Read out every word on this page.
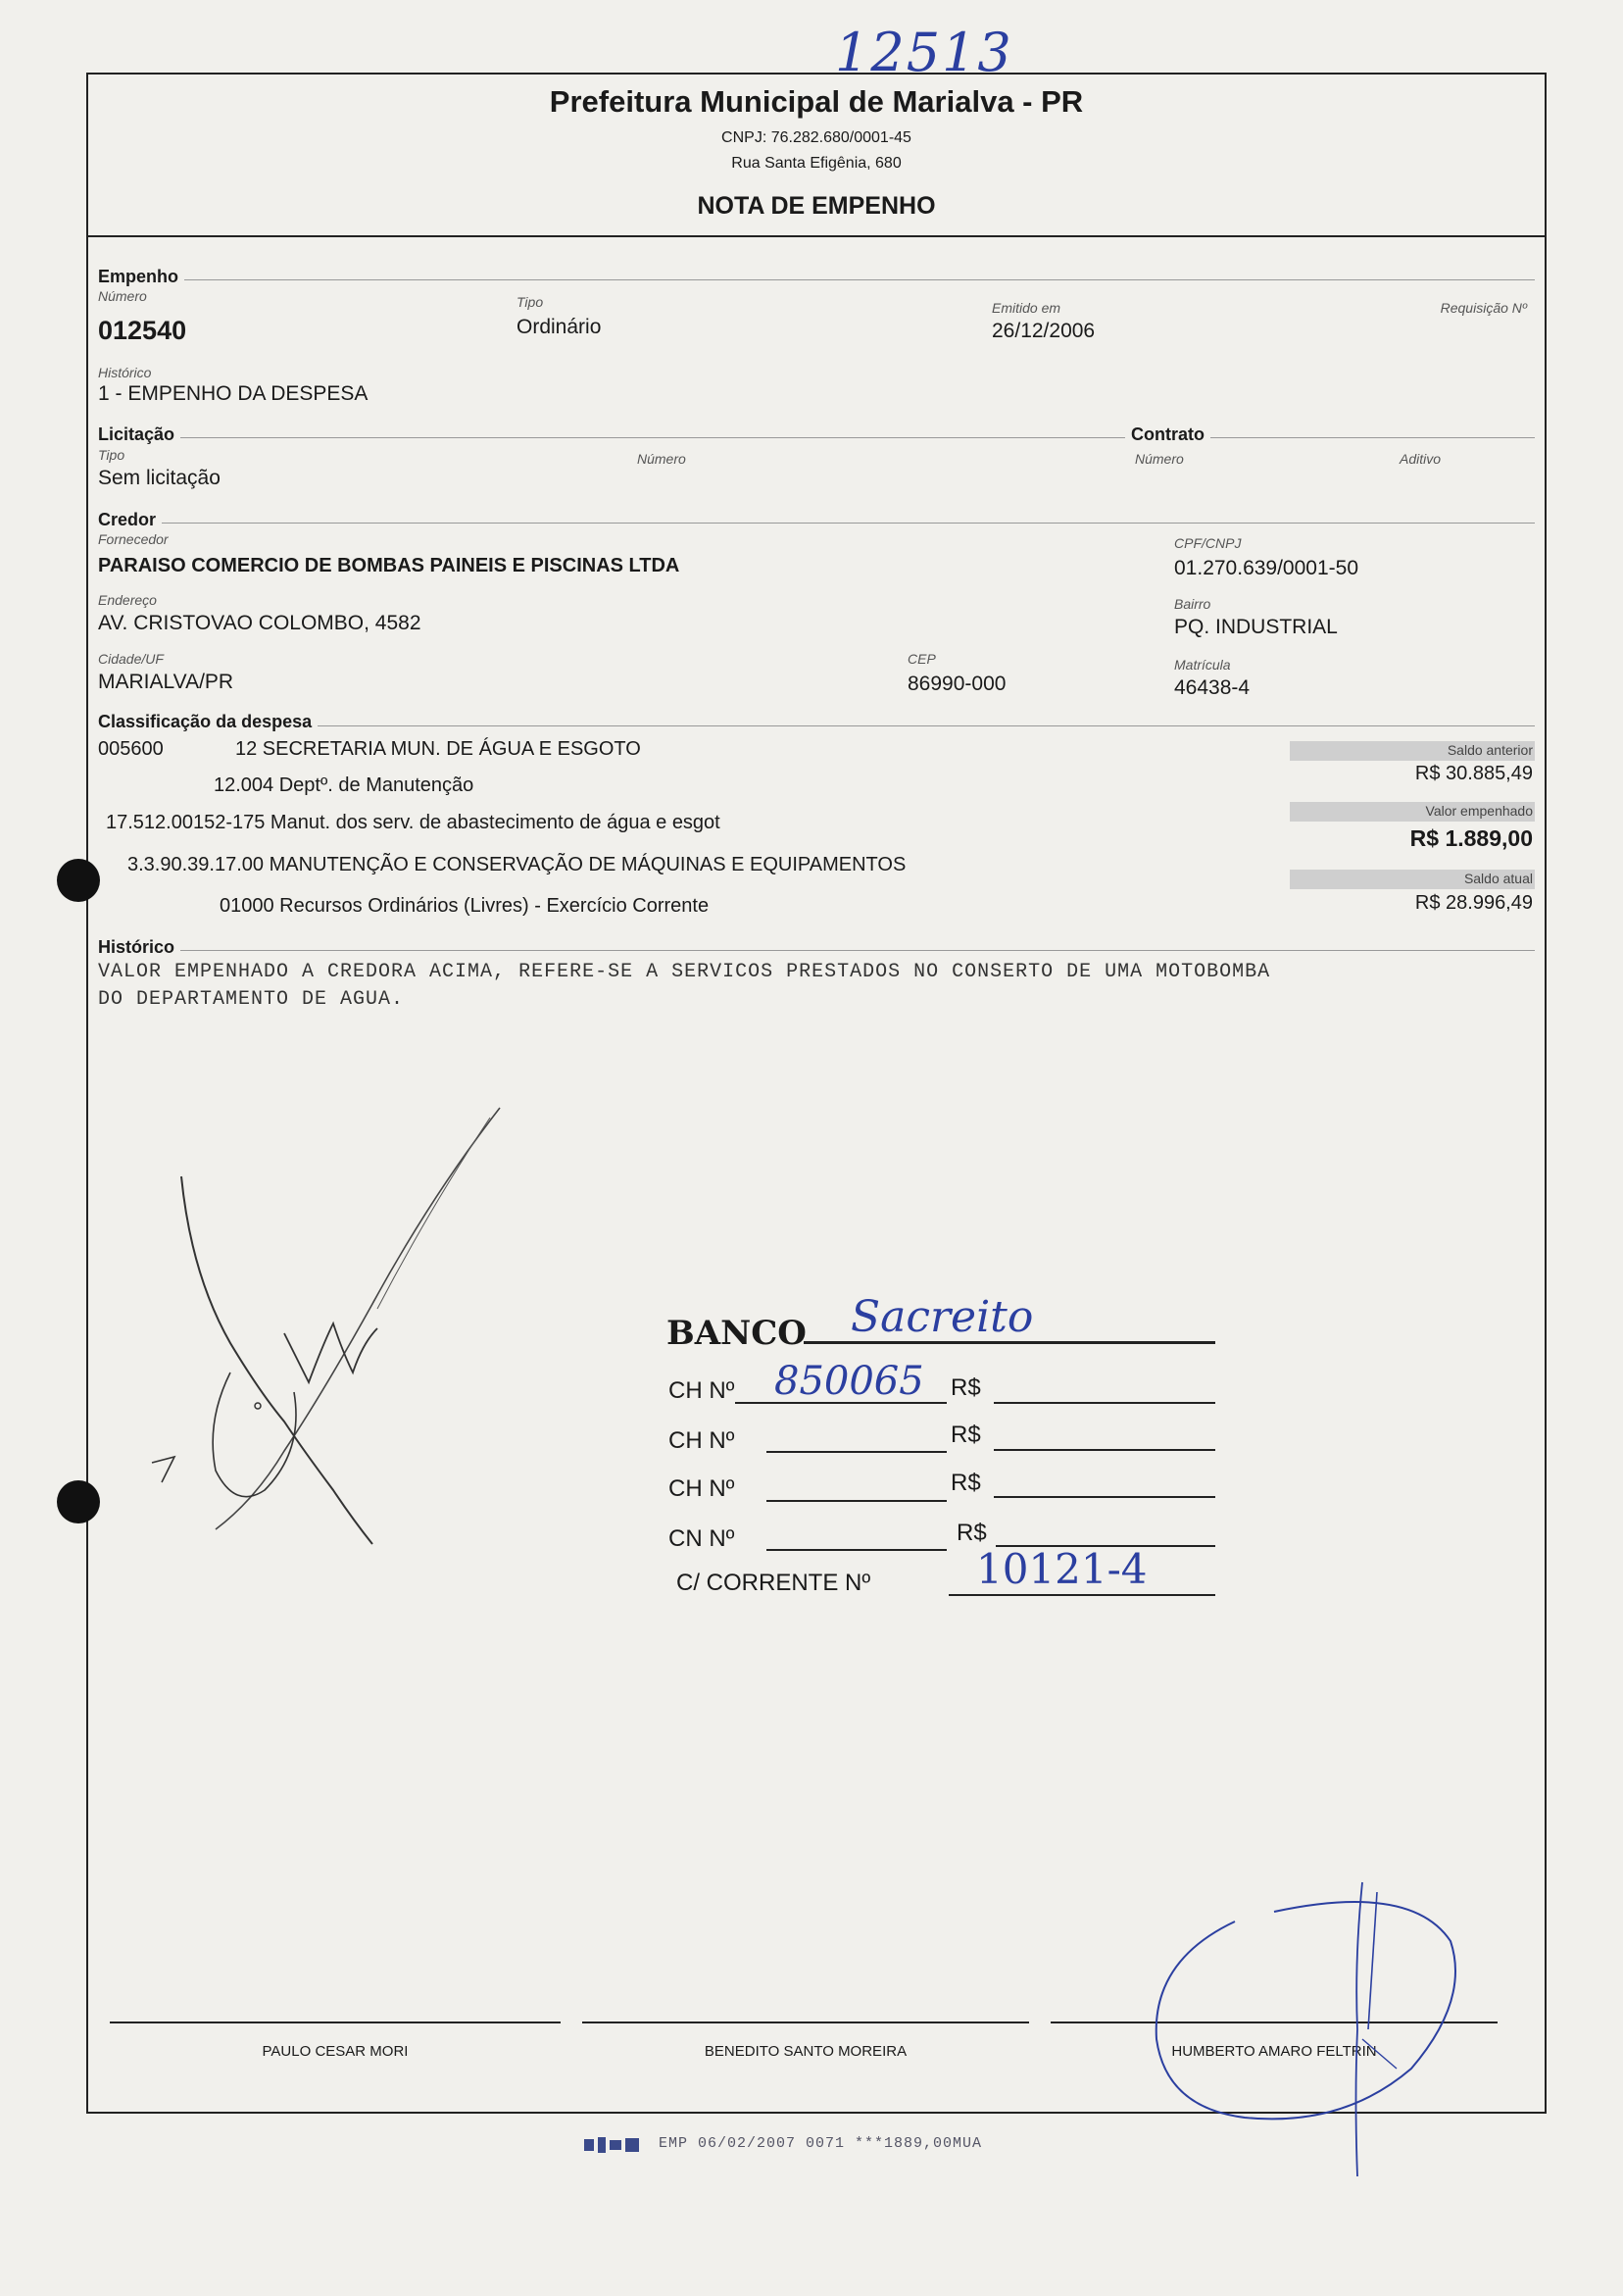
12513
Prefeitura Municipal de Marialva - PR
CNPJ: 76.282.680/0001-45
Rua Santa Efigênia, 680
NOTA DE EMPENHO
Empenho
Número
012540
Tipo
Ordinário
Emitido em
26/12/2006
Requisição Nº
Histórico
1 - EMPENHO DA DESPESA
Licitação	Contrato
Tipo
Sem licitação
Número	Número	Aditivo
Credor
Fornecedor
PARAISO COMERCIO DE BOMBAS PAINEIS E PISCINAS LTDA
CPF/CNPJ
01.270.639/0001-50
Endereço
AV. CRISTOVAO COLOMBO, 4582
Bairro
PQ. INDUSTRIAL
Cidade/UF
MARIALVA/PR
CEP
86990-000
Matrícula
46438-4
Classificação da despesa
005600	12 SECRETARIA MUN. DE ÁGUA E ESGOTO
12.004 Deptº. de Manutenção
17.512.00152-175 Manut. dos serv. de abastecimento de água e esgot
3.3.90.39.17.00 MANUTENÇÃO E CONSERVAÇÃO DE MÁQUINAS E EQUIPAMENTOS
01000 Recursos Ordinários (Livres) - Exercício Corrente
Saldo anterior
R$ 30.885,49
Valor empenhado
R$ 1.889,00
Saldo atual
R$ 28.996,49
Histórico
VALOR EMPENHADO A CREDORA ACIMA, REFERE-SE A SERVICOS PRESTADOS NO CONSERTO DE UMA MOTOBOMBA
DO DEPARTAMENTO DE AGUA.
BANCO Sacreito
CH Nº 850065 R$
CH Nº	R$
CH Nº	R$
CN Nº	R$
C/ CORRENTE Nº	10121-4
PAULO CESAR MORI	BENEDITO SANTO MOREIRA	HUMBERTO AMARO FELTRIN
EMP 06/02/2007 0071 ***1889,00MUA
